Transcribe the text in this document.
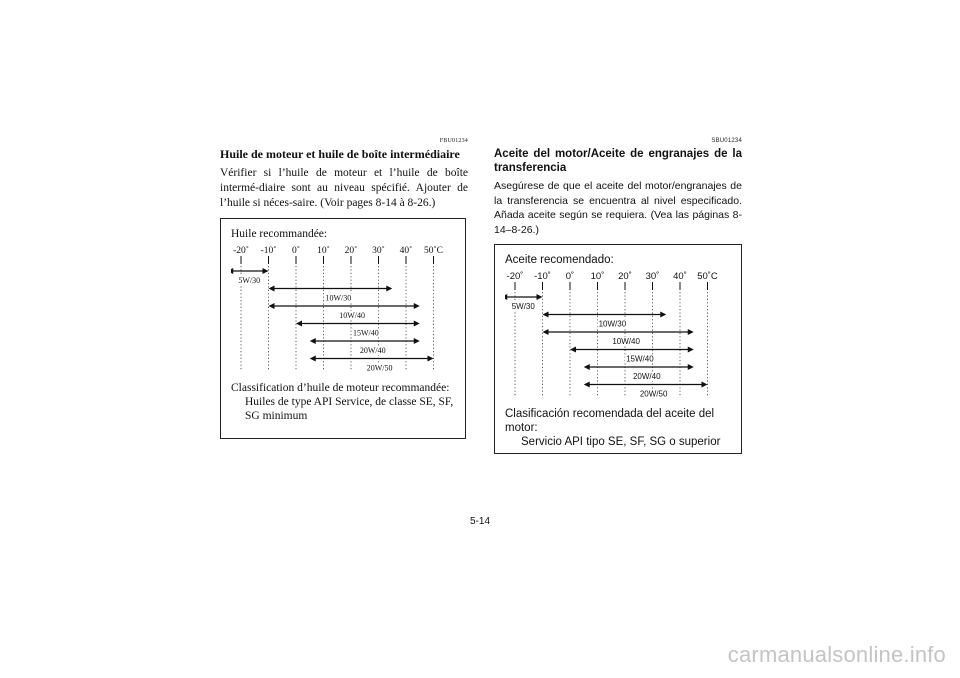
FBU01234
Huile de moteur et huile de boîte intermédiaire
Vérifier si l’huile de moteur et l’huile de boîte intermé-diaire sont au niveau spécifié. Ajouter de l’huile si néces-saire. (Voir pages 8-14 à 8-26.)
Huile recommandée:
-20˚ -10˚ 0˚ 10˚ 20˚ 30˚ 40˚ 50˚C
5W/30
10W/30
10W/40
15W/40
20W/40
20W/50
Classification d’huile de moteur recommandée:
Huiles de type API Service, de classe SE, SF, SG minimum
SBU01234
Aceite del motor/Aceite de engranajes de la transferencia
Asegúrese de que el aceite del motor/engranajes de la transferencia se encuentra al nivel especificado. Añada aceite según se requiera. (Vea las páginas 8-14–8-26.)
Aceite recomendado:
-20˚ -10˚ 0˚ 10˚ 20˚ 30˚ 40˚ 50˚C
5W/30
10W/30
10W/40
15W/40
20W/40
20W/50
Clasificación recomendada del aceite del motor:
Servicio API tipo SE, SF, SG o superior
5-14
carmanualsonline.info
